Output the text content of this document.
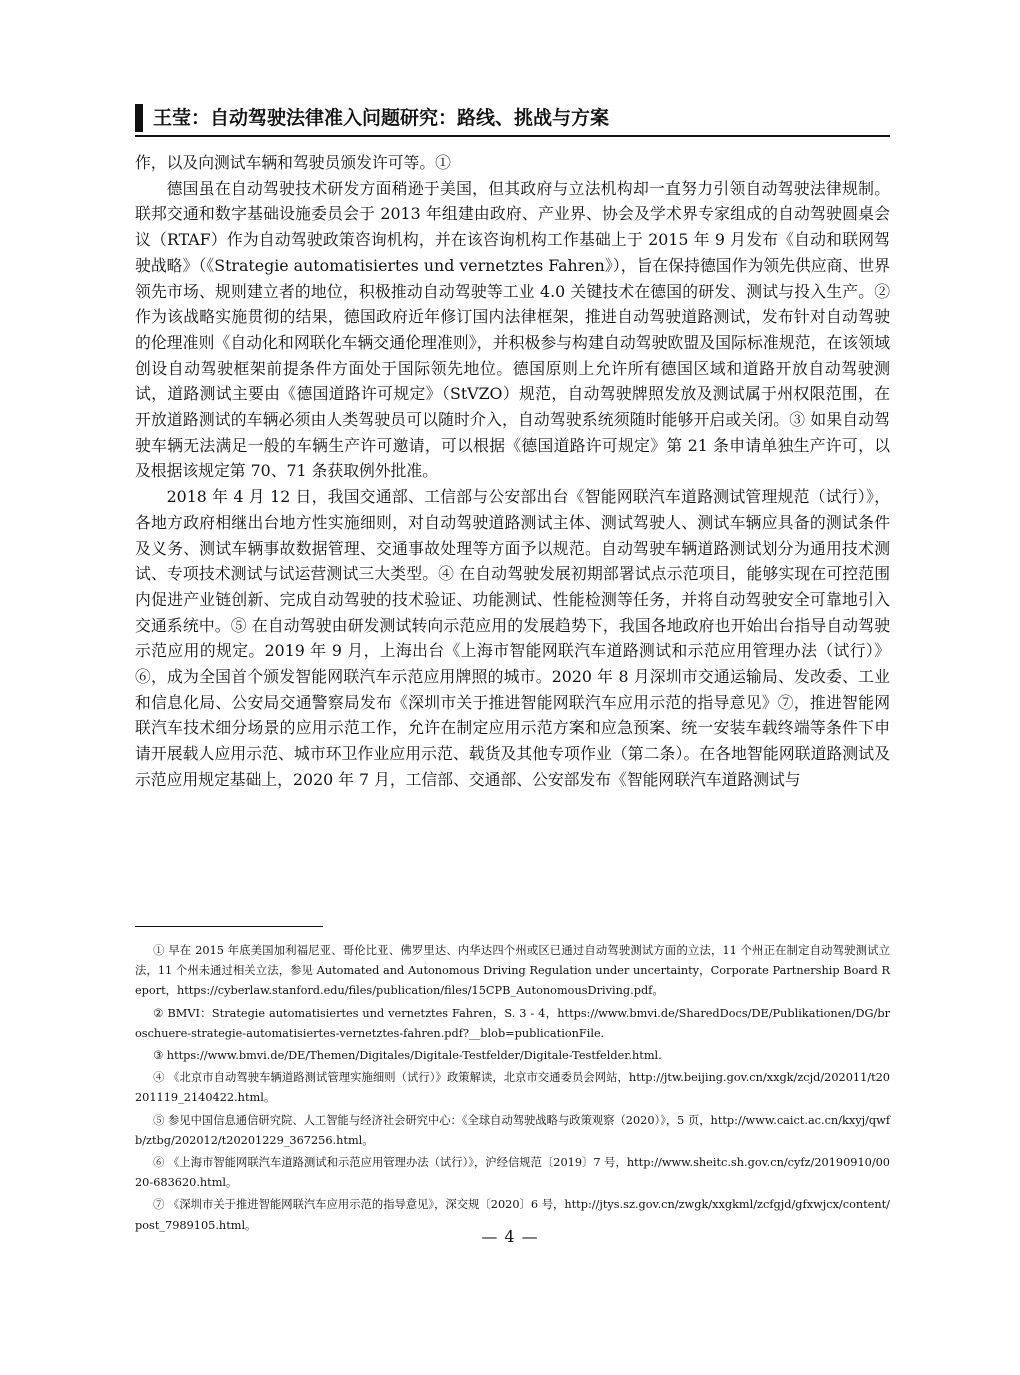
王莹：自动驾驶法律准入问题研究：路线、挑战与方案

作，以及向测试车辆和驾驶员颁发许可等。①

德国虽在自动驾驶技术研发方面稍逊于美国，但其政府与立法机构却一直努力引领自动驾驶法律规制。联邦交通和数字基础设施委员会于 2013 年组建由政府、产业界、协会及学术界专家组成的自动驾驶圆桌会议（RTAF）作为自动驾驶政策咨询机构，并在该咨询机构工作基础上于 2015 年 9 月发布《自动和联网驾驶战略》（《Strategie automatisiertes und vernetztes Fahren》），旨在保持德国作为领先供应商、世界领先市场、规则建立者的地位，积极推动自动驾驶等工业 4.0 关键技术在德国的研发、测试与投入生产。② 作为该战略实施贯彻的结果，德国政府近年修订国内法律框架，推进自动驾驶道路测试，发布针对自动驾驶的伦理准则《自动化和网联化车辆交通伦理准则》，并积极参与构建自动驾驶欧盟及国际标准规范，在该领域创设自动驾驶框架前提条件方面处于国际领先地位。德国原则上允许所有德国区域和道路开放自动驾驶测试，道路测试主要由《德国道路许可规定》（StVZO）规范，自动驾驶牌照发放及测试属于州权限范围，在开放道路测试的车辆必须由人类驾驶员可以随时介入，自动驾驶系统须随时能够开启或关闭。③ 如果自动驾驶车辆无法满足一般的车辆生产许可邀请，可以根据《德国道路许可规定》第 21 条申请单独生产许可，以及根据该规定第 70、71 条获取例外批准。

2018 年 4 月 12 日，我国交通部、工信部与公安部出台《智能网联汽车道路测试管理规范（试行）》，各地方政府相继出台地方性实施细则，对自动驾驶道路测试主体、测试驾驶人、测试车辆应具备的测试条件及义务、测试车辆事故数据管理、交通事故处理等方面予以规范。自动驾驶车辆道路测试划分为通用技术测试、专项技术测试与试运营测试三大类型。④ 在自动驾驶发展初期部署试点示范项目，能够实现在可控范围内促进产业链创新、完成自动驾驶的技术验证、功能测试、性能检测等任务，并将自动驾驶安全可靠地引入交通系统中。⑤ 在自动驾驶由研发测试转向示范应用的发展趋势下，我国各地政府也开始出台指导自动驾驶示范应用的规定。2019 年 9 月，上海出台《上海市智能网联汽车道路测试和示范应用管理办法（试行）》⑥，成为全国首个颁发智能网联汽车示范应用牌照的城市。2020 年 8 月深圳市交通运输局、发改委、工业和信息化局、公安局交通警察局发布《深圳市关于推进智能网联汽车应用示范的指导意见》⑦，推进智能网联汽车技术细分场景的应用示范工作，允许在制定应用示范方案和应急预案、统一安装车载终端等条件下申请开展载人应用示范、城市环卫作业应用示范、载货及其他专项作业（第二条）。在各地智能网联道路测试及示范应用规定基础上，2020 年 7 月，工信部、交通部、公安部发布《智能网联汽车道路测试与

① 早在 2015 年底美国加利福尼亚、哥伦比亚、佛罗里达、内华达四个州或区已通过自动驾驶测试方面的立法，11 个州正在制定自动驾驶测试立法，11 个州未通过相关立法，参见 Automated and Autonomous Driving Regulation under uncertainty，Corporate Partnership Board Report，https://cyberlaw.stanford.edu/files/publication/files/15CPB_AutonomousDriving.pdf。

② BMVI：Strategie automatisiertes und vernetztes Fahren，S. 3 - 4，https://www.bmvi.de/SharedDocs/DE/Publikationen/DG/broschuere-strategie-automatisiertes-vernetztes-fahren.pdf?__blob=publicationFile.

③ https://www.bmvi.de/DE/Themen/Digitales/Digitale-Testfelder/Digitale-Testfelder.html.

④ 《北京市自动驾驶车辆道路测试管理实施细则（试行）》政策解读，北京市交通委员会网站，http://jtw.beijing.gov.cn/xxgk/zcjd/202011/t20201119_2140422.html。

⑤ 参见中国信息通信研究院、人工智能与经济社会研究中心：《全球自动驾驶战略与政策观察（2020）》，5 页，http://www.caict.ac.cn/kxyj/qwfb/ztbg/202012/t20201229_367256.html。

⑥ 《上海市智能网联汽车道路测试和示范应用管理办法（试行）》，沪经信规范〔2019〕7 号，http://www.sheitc.sh.gov.cn/cyfz/20190910/0020-683620.html。

⑦ 《深圳市关于推进智能网联汽车应用示范的指导意见》，深交规〔2020〕6 号，http://jtys.sz.gov.cn/zwgk/xxgkml/zcfgjd/gfxwjcx/content/post_7989105.html。

— 4 —
